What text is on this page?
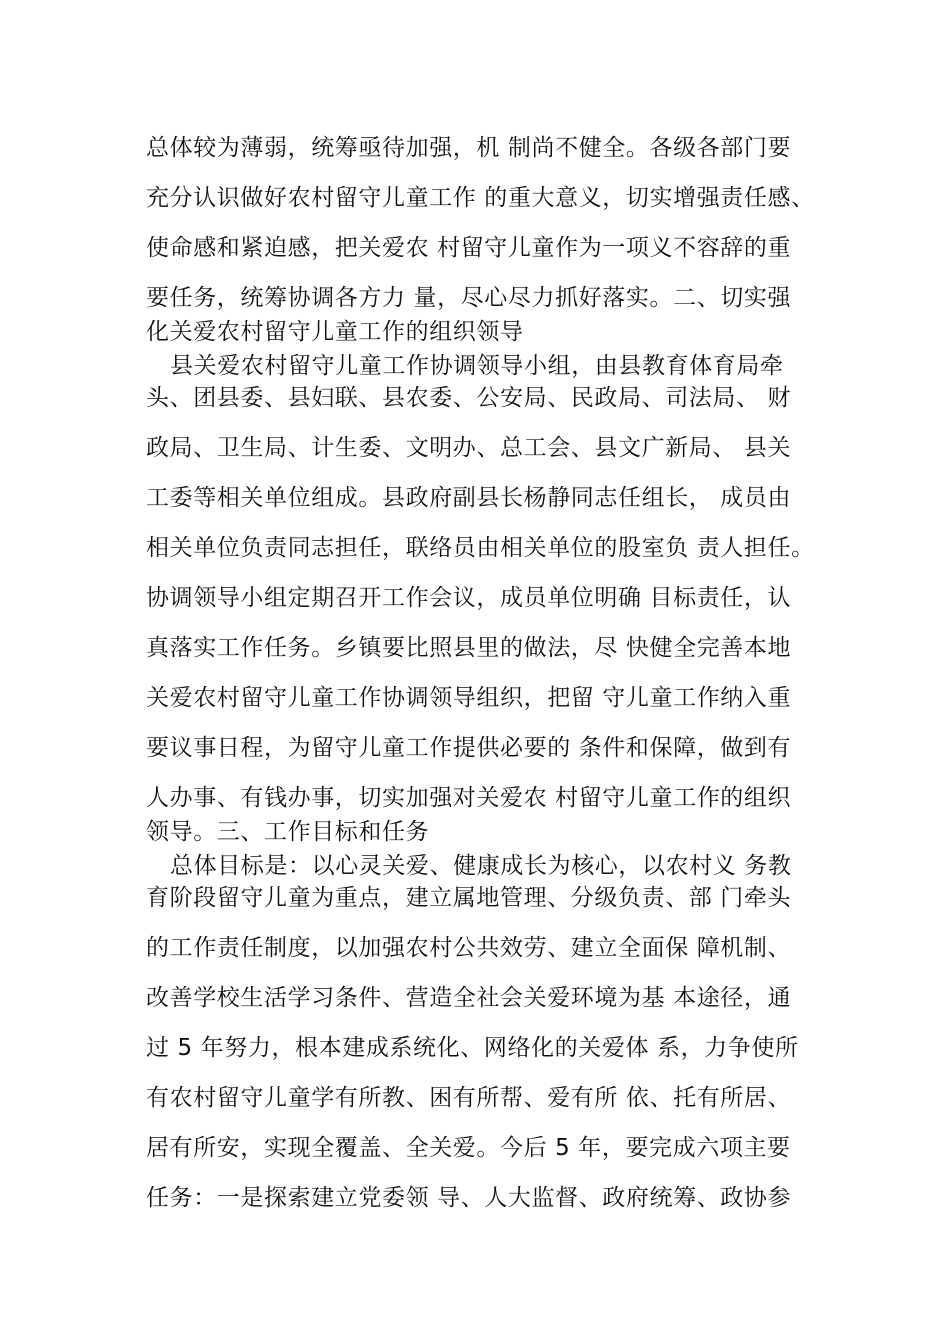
总体较为薄弱，统筹亟待加强，机 制尚不健全。各级各部门要
充分认识做好农村留守儿童工作 的重大意义，切实增强责任感、
使命感和紧迫感，把关爱农 村留守儿童作为一项义不容辞的重
要任务，统筹协调各方力 量，尽心尽力抓好落实。二、切实强
化关爱农村留守儿童工作的组织领导
县关爱农村留守儿童工作协调领导小组，由县教育体育局牵
头、团县委、县妇联、县农委、公安局、民政局、司法局、 财
政局、卫生局、计生委、文明办、总工会、县文广新局、 县关
工委等相关单位组成。县政府副县长杨静同志任组长， 成员由
相关单位负责同志担任，联络员由相关单位的股室负 责人担任。
协调领导小组定期召开工作会议，成员单位明确 目标责任，认
真落实工作任务。乡镇要比照县里的做法，尽 快健全完善本地
关爱农村留守儿童工作协调领导组织，把留 守儿童工作纳入重
要议事日程，为留守儿童工作提供必要的 条件和保障，做到有
人办事、有钱办事，切实加强对关爱农 村留守儿童工作的组织
领导。三、工作目标和任务
总体目标是：以心灵关爱、健康成长为核心，以农村义 务教
育阶段留守儿童为重点，建立属地管理、分级负责、部 门牵头
的工作责任制度，以加强农村公共效劳、建立全面保 障机制、
改善学校生活学习条件、营造全社会关爱环境为基 本途径，通
过 5 年努力，根本建成系统化、网络化的关爱体 系，力争使所
有农村留守儿童学有所教、困有所帮、爱有所 依、托有所居、
居有所安，实现全覆盖、全关爱。今后 5 年，要完成六项主要
任务：一是探索建立党委领 导、人大监督、政府统筹、政协参
